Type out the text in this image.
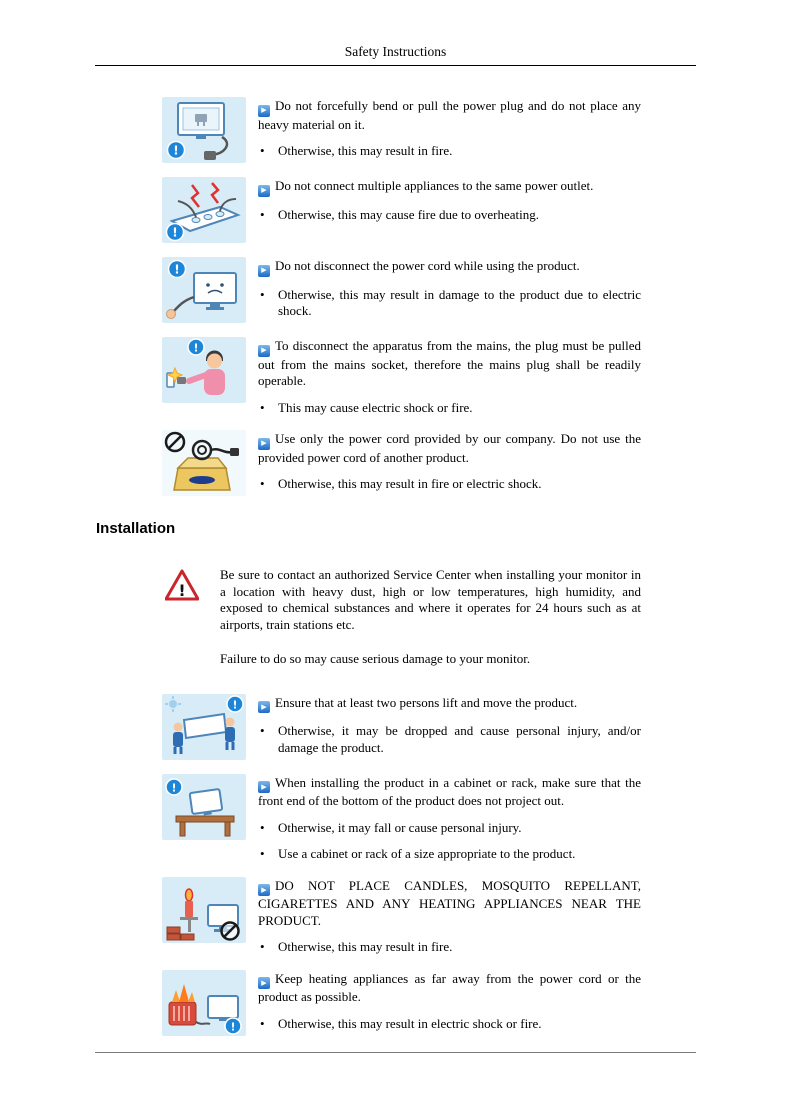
Safety Instructions
!

▶Do not forcefully bend or pull the power plug and do not place any heavy material on it.

• Otherwise, this may result in fire.
!

▶Do not connect multiple appliances to the same power outlet.

• Otherwise, this may cause fire due to overheating.
! ▶	Do not disconnect the power cord while using the product.

• Otherwise, this may result in damage to the product due to electric shock.
! ▶	To disconnect the apparatus from the mains, the plug must be pulled out from the mains socket, therefore the mains plug shall be readily operable.

• This may cause electric shock or fire.

▶Use only the power cord provided by our company. Do not use the provided power cord of another product.

• Otherwise, this may result in fire or electric shock.
Installation
!

Be sure to contact an authorized Service Center when installing your monitor in a location with heavy dust, high or low temperatures, high humidity, and exposed to chemical substances and where it operates for 24 hours such as at airports, train stations etc.

Failure to do so may cause serious damage to your monitor.

! ▶	Ensure that at least two persons lift and move the product.

• Otherwise, it may be dropped and cause personal injury, and/or damage the product.
! ▶	When installing the product in a cabinet or rack, make sure that the front end of the bottom of the product does not project out.

• Otherwise, it may fall or cause personal injury.
• Use a cabinet or rack of a size appropriate to the product.

▶DO NOT PLACE CANDLES, MOSQUITO REPELLANT, CIGARETTES AND ANY HEATING APPLIANCES NEAR THE PRODUCT.

• Otherwise, this may result in fire.
!

▶Keep heating appliances as far away from the power cord or the product as possible.

• Otherwise, this may result in electric shock or fire.
